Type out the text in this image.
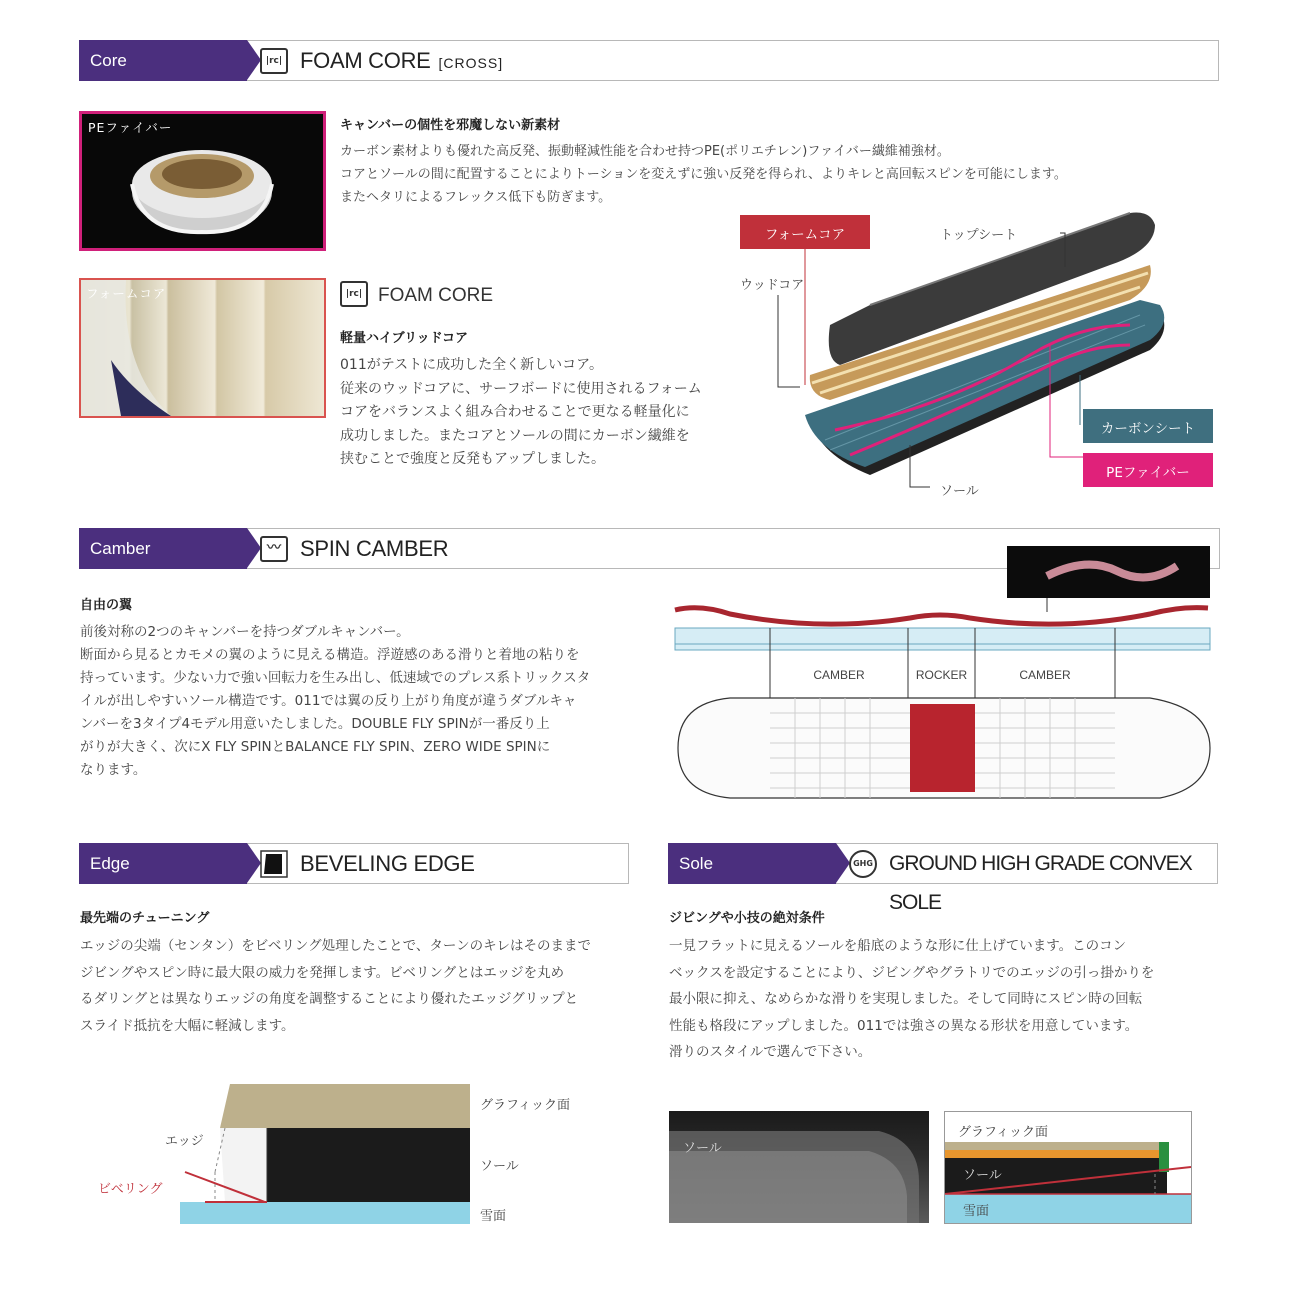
Core	|rc| FOAM CORE [CROSS]
PEファイバー
フォームコア
キャンバーの個性を邪魔しない新素材
カーボン素材よりも優れた高反発、振動軽減性能を合わせ持つPE(ポリエチレン)ファイバー繊維補強材。
コアとソールの間に配置することによりトーションを変えずに強い反発を得られ、よりキレと高回転スピンを可能にします。
またヘタリによるフレックス低下も防ぎます。
|rc| FOAM CORE
軽量ハイブリッドコア
011がテストに成功した全く新しいコア。
従来のウッドコアに、サーフボードに使用されるフォーム
コアをバランスよく組み合わせることで更なる軽量化に
成功しました。またコアとソールの間にカーボン繊維を
挟むことで強度と反発もアップしました。
フォームコア	トップシート
ウッドコア
カーボンシート
PEファイバー
ソール
Camber	〰 SPIN CAMBER
自由の翼
前後対称の2つのキャンバーを持つダブルキャンバー。
断面から見るとカモメの翼のように見える構造。浮遊感のある滑りと着地の粘りを
持っています。少ない力で強い回転力を生み出し、低速域でのプレス系トリックスタ
イルが出しやすいソール構造です。011では翼の反り上がり角度が違うダブルキャ
ンバーを3タイプ4モデル用意いたしました。DOUBLE FLY SPINが一番反り上
がりが大きく、次にX FLY SPINとBALANCE FLY SPIN、ZERO WIDE SPINに
なります。
CAMBER	ROCKER	CAMBER
Edge	BEVELING EDGE
最先端のチューニング
エッジの尖端（センタン）をビベリング処理したことで、ターンのキレはそのままで
ジビングやスピン時に最大限の威力を発揮します。ビベリングとはエッジを丸め
るダリングとは異なりエッジの角度を調整することにより優れたエッジグリップと
スライド抵抗を大幅に軽減します。
グラフィック面
エッジ
ソール
ビベリング
雪面
Sole	GHG GROUND HIGH GRADE CONVEX SOLE
ジビングや小技の絶対条件
一見フラットに見えるソールを船底のような形に仕上げています。このコン
ベックスを設定することにより、ジビングやグラトリでのエッジの引っ掛かりを
最小限に抑え、なめらかな滑りを実現しました。そして同時にスピン時の回転
性能も格段にアップしました。011では強さの異なる形状を用意しています。
滑りのスタイルで選んで下さい。
ソール
グラフィック面
ソール
雪面
